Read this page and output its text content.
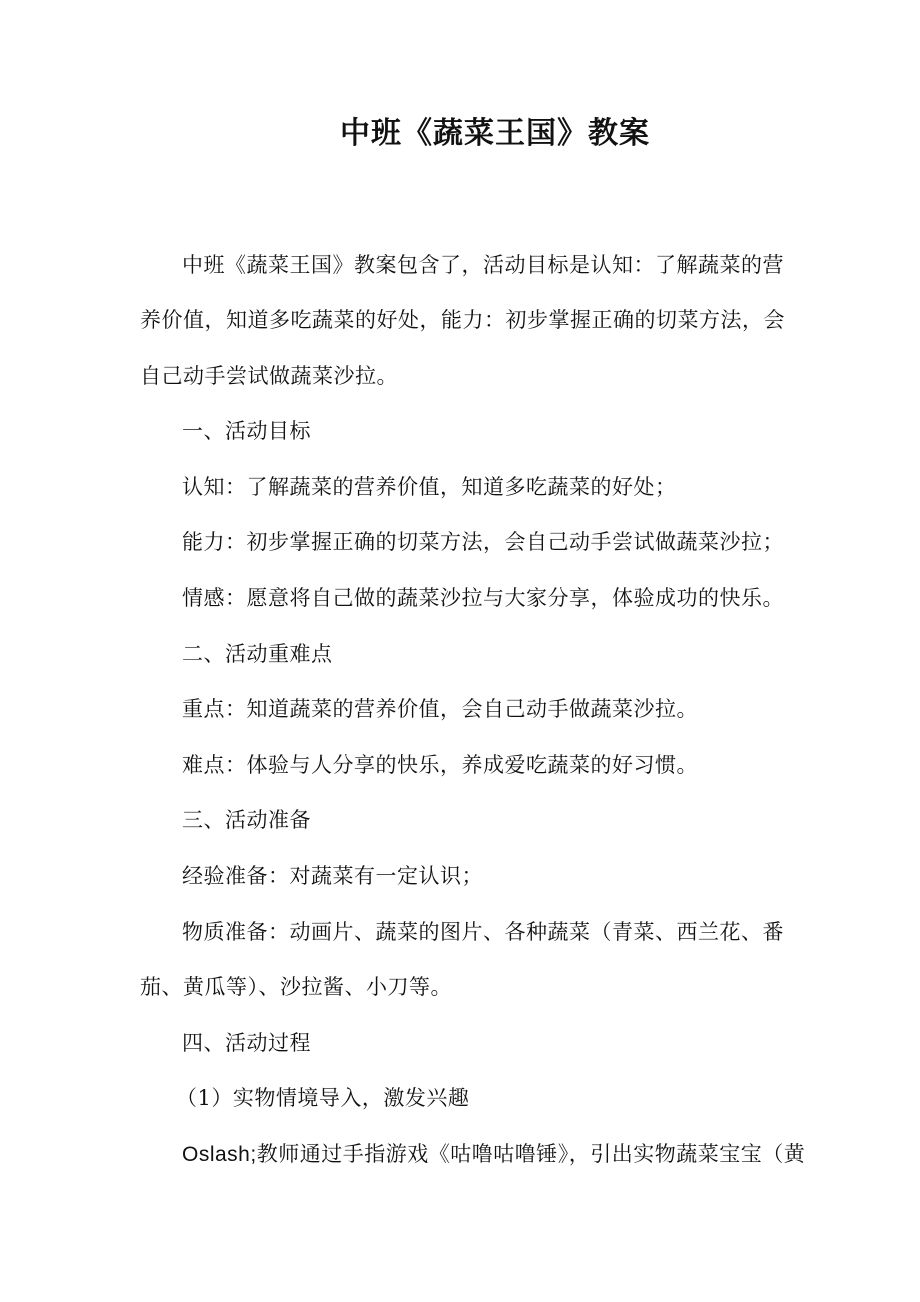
中班《蔬菜王国》教案
中班《蔬菜王国》教案包含了，活动目标是认知：了解蔬菜的营
养价值，知道多吃蔬菜的好处，能力：初步掌握正确的切菜方法，会
自己动手尝试做蔬菜沙拉。
一、活动目标
认知：了解蔬菜的营养价值，知道多吃蔬菜的好处；
能力：初步掌握正确的切菜方法，会自己动手尝试做蔬菜沙拉；
情感：愿意将自己做的蔬菜沙拉与大家分享，体验成功的快乐。
二、活动重难点
重点：知道蔬菜的营养价值，会自己动手做蔬菜沙拉。
难点：体验与人分享的快乐，养成爱吃蔬菜的好习惯。
三、活动准备
经验准备：对蔬菜有一定认识；
物质准备：动画片、蔬菜的图片、各种蔬菜（青菜、西兰花、番
茄、黄瓜等）、沙拉酱、小刀等。
四、活动过程
（1）实物情境导入，激发兴趣
Oslash;教师通过手指游戏《咕噜咕噜锤》，引出实物蔬菜宝宝（黄
